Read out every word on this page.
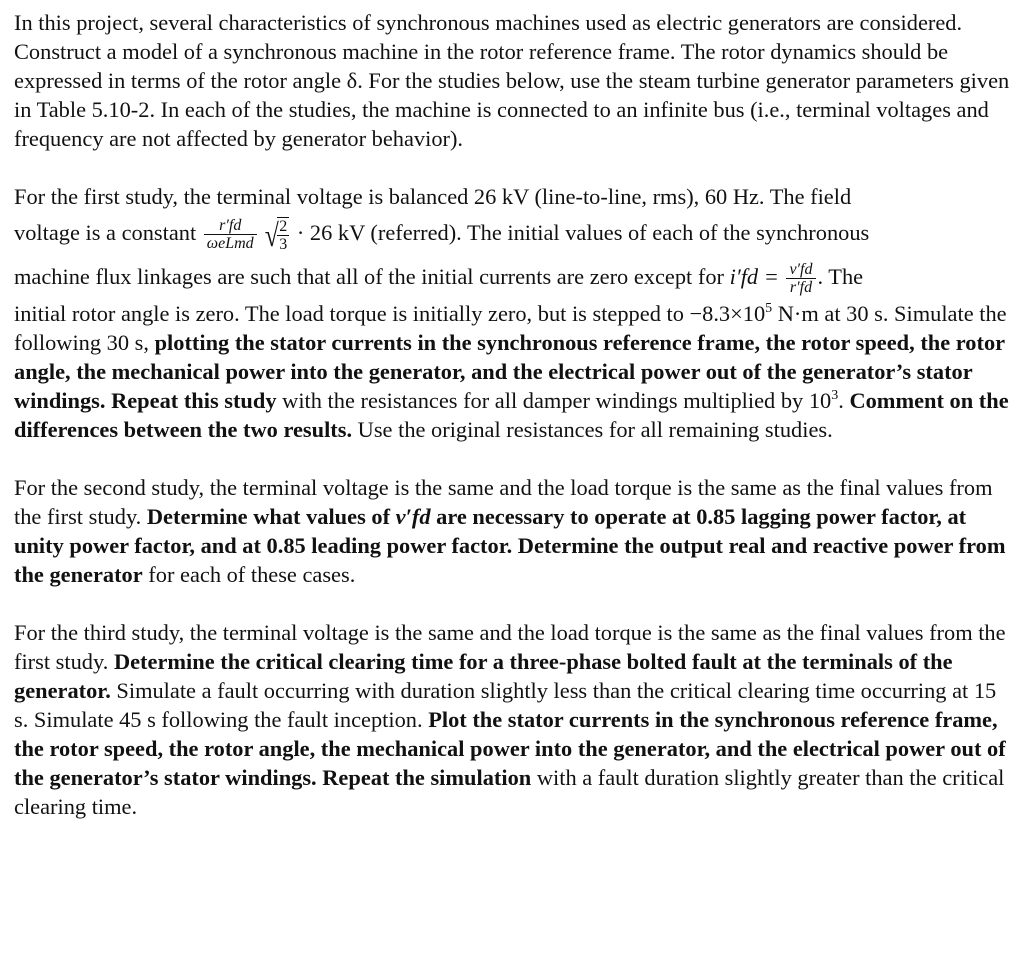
In this project, several characteristics of synchronous machines used as electric generators are considered. Construct a model of a synchronous machine in the rotor reference frame. The rotor dynamics should be expressed in terms of the rotor angle δ. For the studies below, use the steam turbine generator parameters given in Table 5.10-2. In each of the studies, the machine is connected to an infinite bus (i.e., terminal voltages and frequency are not affected by generator behavior).

For the first study, the terminal voltage is balanced 26 kV (line-to-line, rms), 60 Hz. The field
voltage is a constant $\frac{r'fd}{\text{ωeLmd}}$ √
$\frac{2}{3} \cdot 26$ kV (referred). The initial values of each of the synchronous
machine flux linkages are such that all of the initial currents are zero except for $i'fd = \frac{v'fd}{r'fd}$ . The
initial rotor angle is zero. The load torque is initially zero, but is stepped to $-8.3\times 10^5$ N·m at 30 s. Simulate the following 30 s, plotting the stator currents in the synchronous reference frame, the rotor speed, the rotor angle, the mechanical power into the generator, and the electrical power out of the generator’s stator windings. Repeat this study with the resistances for all damper windings multiplied by $10^3$. Comment on the differences between the two results. Use the original resistances for all remaining studies.

For the second study, the terminal voltage is the same and the load torque is the same as the final values from the first study. Determine what values of v′fd are necessary to operate at 0.85 lagging power factor, at unity power factor, and at 0.85 leading power factor. Determine the output real and reactive power from the generator for each of these cases.

For the third study, the terminal voltage is the same and the load torque is the same as the final values from the first study. Determine the critical clearing time for a three-phase bolted fault at the terminals of the generator. Simulate a fault occurring with duration slightly less than the critical clearing time occurring at 15 s. Simulate 45 s following the fault inception. Plot the stator currents in the synchronous reference frame, the rotor speed, the rotor angle, the mechanical power into the generator, and the electrical power out of the generator’s stator windings. Repeat the simulation with a fault duration slightly greater than the critical clearing time.
